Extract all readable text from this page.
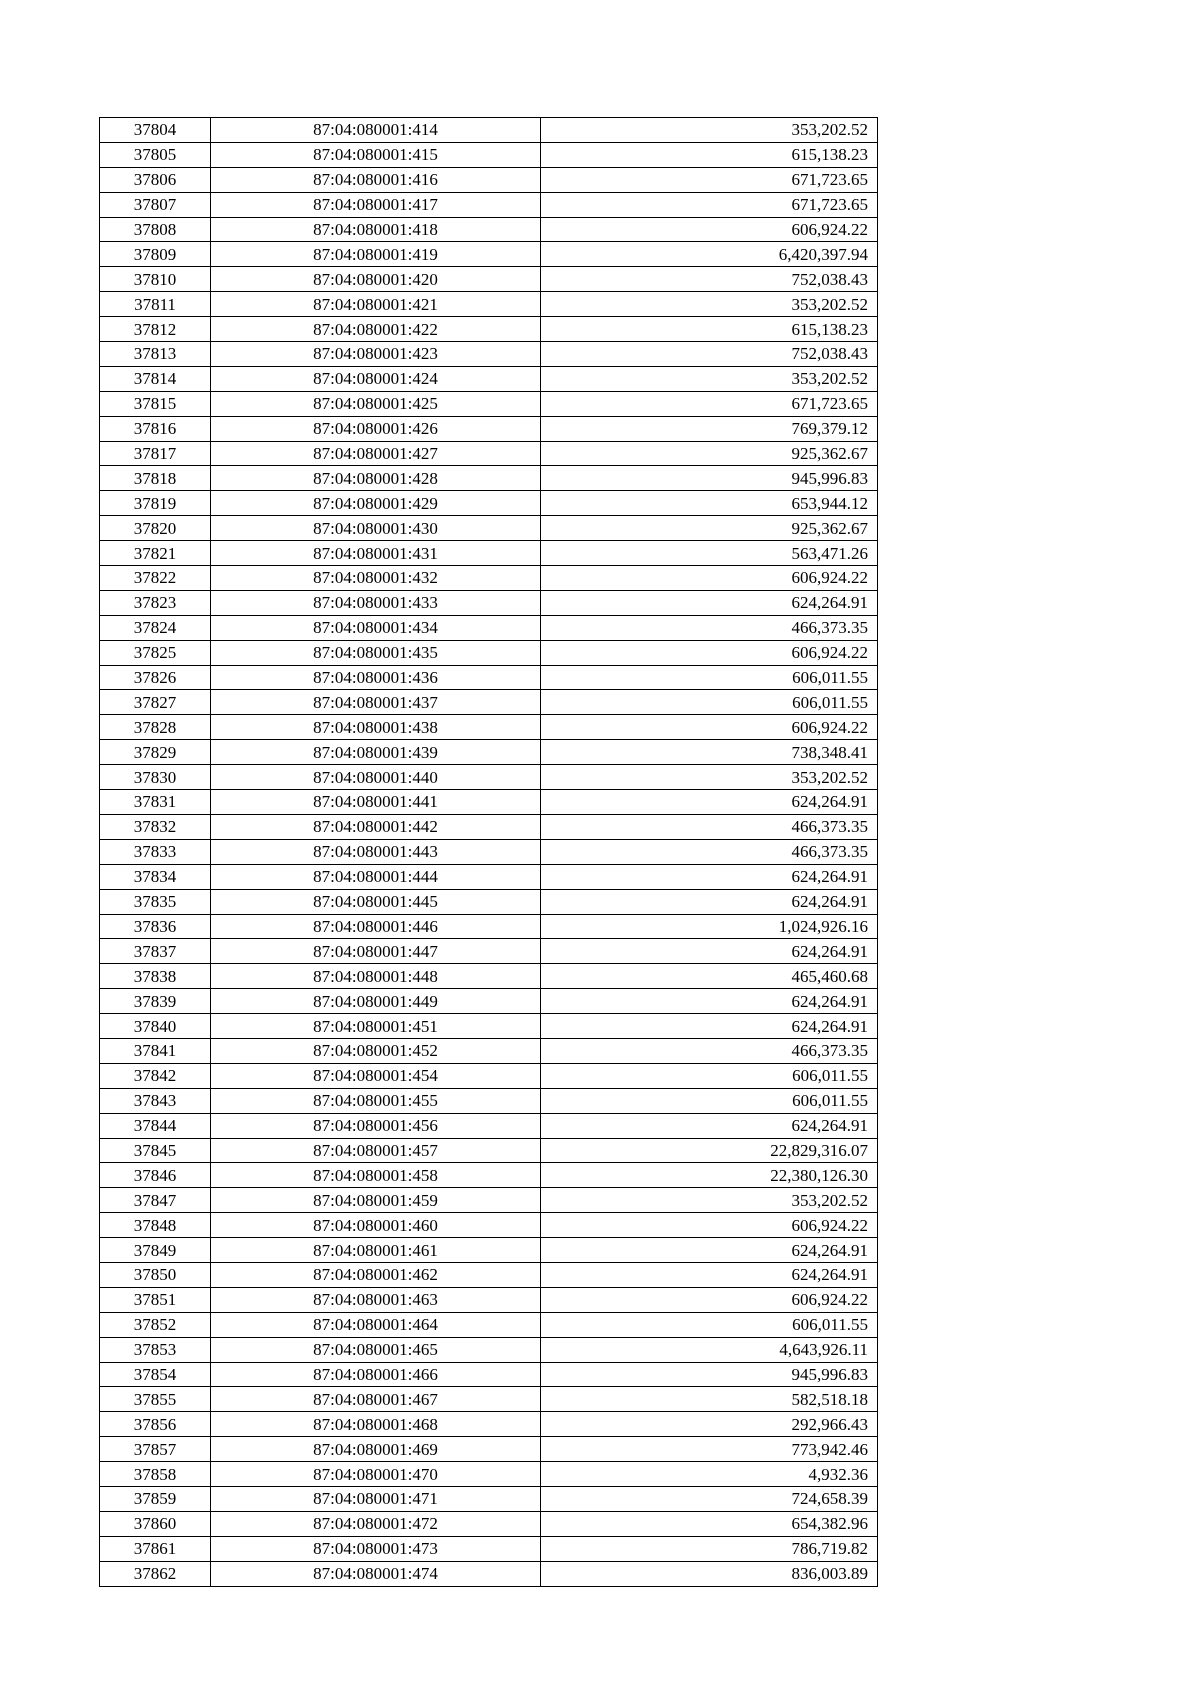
37804	87:04:080001:414	353,202.52
37805	87:04:080001:415	615,138.23
37806	87:04:080001:416	671,723.65
37807	87:04:080001:417	671,723.65
37808	87:04:080001:418	606,924.22
37809	87:04:080001:419	6,420,397.94
37810	87:04:080001:420	752,038.43
37811	87:04:080001:421	353,202.52
37812	87:04:080001:422	615,138.23
37813	87:04:080001:423	752,038.43
37814	87:04:080001:424	353,202.52
37815	87:04:080001:425	671,723.65
37816	87:04:080001:426	769,379.12
37817	87:04:080001:427	925,362.67
37818	87:04:080001:428	945,996.83
37819	87:04:080001:429	653,944.12
37820	87:04:080001:430	925,362.67
37821	87:04:080001:431	563,471.26
37822	87:04:080001:432	606,924.22
37823	87:04:080001:433	624,264.91
37824	87:04:080001:434	466,373.35
37825	87:04:080001:435	606,924.22
37826	87:04:080001:436	606,011.55
37827	87:04:080001:437	606,011.55
37828	87:04:080001:438	606,924.22
37829	87:04:080001:439	738,348.41
37830	87:04:080001:440	353,202.52
37831	87:04:080001:441	624,264.91
37832	87:04:080001:442	466,373.35
37833	87:04:080001:443	466,373.35
37834	87:04:080001:444	624,264.91
37835	87:04:080001:445	624,264.91
37836	87:04:080001:446	1,024,926.16
37837	87:04:080001:447	624,264.91
37838	87:04:080001:448	465,460.68
37839	87:04:080001:449	624,264.91
37840	87:04:080001:451	624,264.91
37841	87:04:080001:452	466,373.35
37842	87:04:080001:454	606,011.55
37843	87:04:080001:455	606,011.55
37844	87:04:080001:456	624,264.91
37845	87:04:080001:457	22,829,316.07
37846	87:04:080001:458	22,380,126.30
37847	87:04:080001:459	353,202.52
37848	87:04:080001:460	606,924.22
37849	87:04:080001:461	624,264.91
37850	87:04:080001:462	624,264.91
37851	87:04:080001:463	606,924.22
37852	87:04:080001:464	606,011.55
37853	87:04:080001:465	4,643,926.11
37854	87:04:080001:466	945,996.83
37855	87:04:080001:467	582,518.18
37856	87:04:080001:468	292,966.43
37857	87:04:080001:469	773,942.46
37858	87:04:080001:470	4,932.36
37859	87:04:080001:471	724,658.39
37860	87:04:080001:472	654,382.96
37861	87:04:080001:473	786,719.82
37862	87:04:080001:474	836,003.89
